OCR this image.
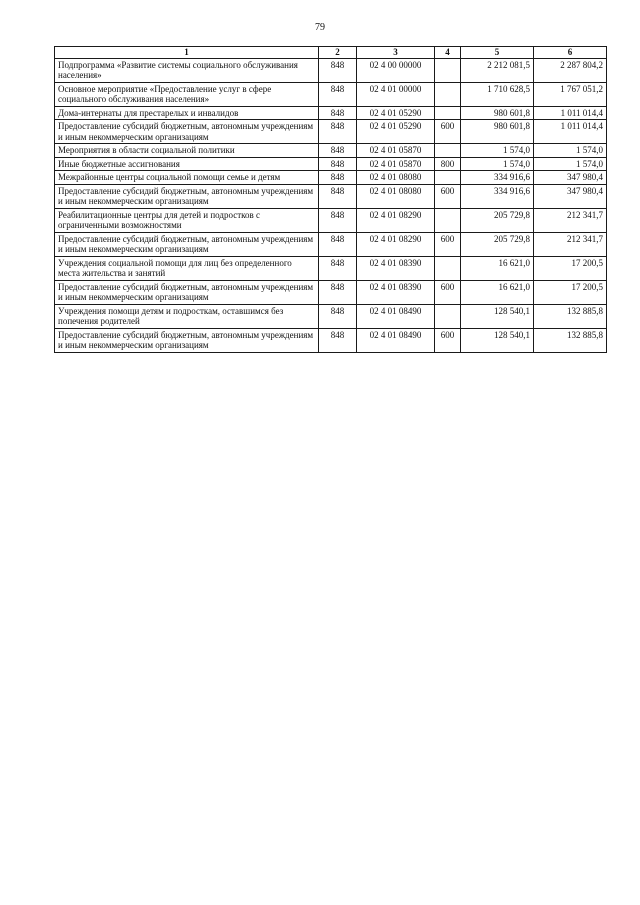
79
1	2	3	4	5	6
Подпрограмма «Развитие системы социального обслуживания населения»	848	02 4 00 00000		2 212 081,5	2 287 804,2
Основное мероприятие «Предоставление услуг в сфере социального обслуживания населения»	848	02 4 01 00000		1 710 628,5	1 767 051,2
Дома-интернаты для престарелых и инвалидов	848	02 4 01 05290		980 601,8	1 011 014,4
Предоставление субсидий бюджетным, автономным учреждениям и иным некоммерческим организациям	848	02 4 01 05290	600	980 601,8	1 011 014,4
Мероприятия в области социальной политики	848	02 4 01 05870		1 574,0	1 574,0
Иные бюджетные ассигнования	848	02 4 01 05870	800	1 574,0	1 574,0
Межрайонные центры социальной помощи семье и детям	848	02 4 01 08080		334 916,6	347 980,4
Предоставление субсидий бюджетным, автономным учреждениям и иным некоммерческим организациям	848	02 4 01 08080	600	334 916,6	347 980,4
Реабилитационные центры для детей и подростков с ограниченными возможностями	848	02 4 01 08290		205 729,8	212 341,7
Предоставление субсидий бюджетным, автономным учреждениям и иным некоммерческим организациям	848	02 4 01 08290	600	205 729,8	212 341,7
Учреждения социальной помощи для лиц без определенного места жительства и занятий	848	02 4 01 08390		16 621,0	17 200,5
Предоставление субсидий бюджетным, автономным учреждениям и иным некоммерческим организациям	848	02 4 01 08390	600	16 621,0	17 200,5
Учреждения помощи детям и подросткам, оставшимся без попечения родителей	848	02 4 01 08490		128 540,1	132 885,8
Предоставление субсидий бюджетным, автономным учреждениям и иным некоммерческим организациям	848	02 4 01 08490	600	128 540,1	132 885,8
